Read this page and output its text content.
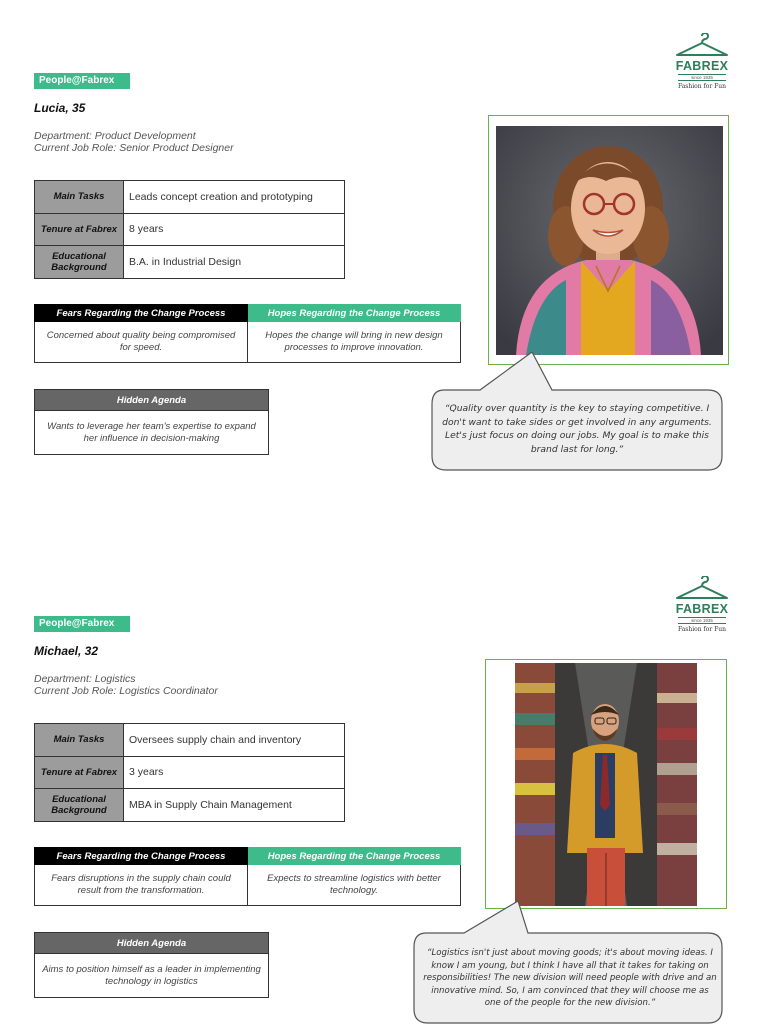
People@Fabrex
FABREX
since 1935
Fashion for Fun
Lucia, 35
Department: Product Development
Current Job Role: Senior Product Designer
Main Tasks	Leads concept creation and prototyping
Tenure at Fabrex	8 years
Educational Background	B.A. in Industrial Design
Fears Regarding the Change Process	Hopes Regarding the Change Process
Concerned about quality being compromised for speed.	Hopes the change will bring in new design processes to improve innovation.
Hidden Agenda
Wants to leverage her team's expertise to expand her influence in decision-making
“Quality over quantity is the key to staying competitive. I don't want to take sides or get involved in any arguments. Let's just focus on doing our jobs. My goal is to make this brand last for long.”
People@Fabrex
FABREX
since 1935
Fashion for Fun
Michael, 32
Department: Logistics
Current Job Role: Logistics Coordinator
Main Tasks	Oversees supply chain and inventory
Tenure at Fabrex	3 years
Educational Background	MBA in Supply Chain Management
Fears Regarding the Change Process	Hopes Regarding the Change Process
Fears disruptions in the supply chain could result from the transformation.	Expects to streamline logistics with better technology.
Hidden Agenda
Aims to position himself as a leader in implementing technology in logistics
“Logistics isn't just about moving goods; it's about moving ideas. I know I am young, but I think I have all that it takes for taking on responsibilities! The new division will need people with drive and an innovative mind. So, I am convinced that they will choose me as one of the people for the new division.”
